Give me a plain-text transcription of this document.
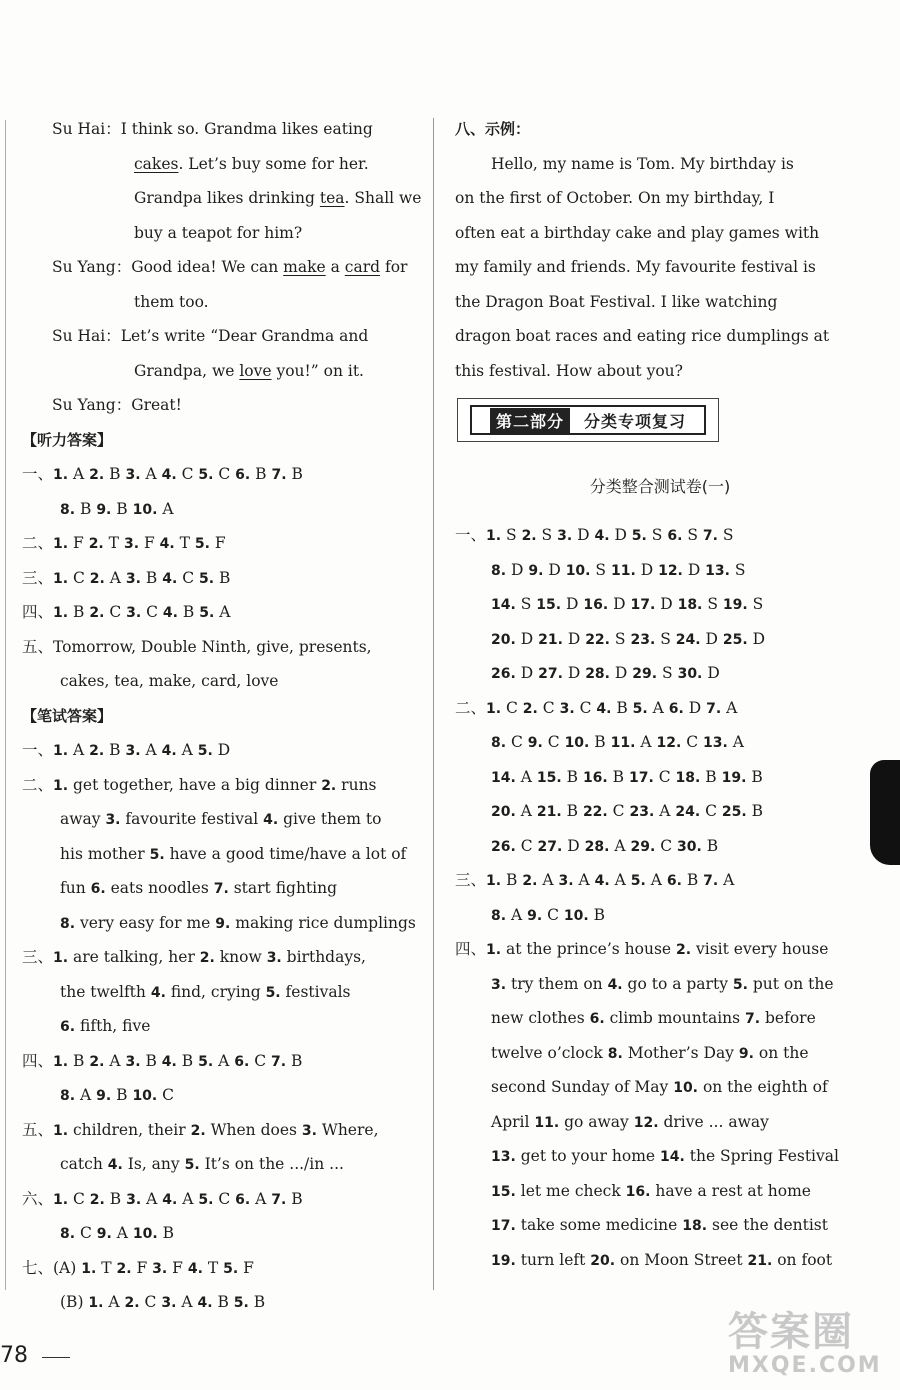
Su Hai：I think so. Grandma likes eating
cakes. Let’s buy some for her.
Grandpa likes drinking tea. Shall we
buy a teapot for him?
Su Yang：Good idea! We can make a card for
them too.
Su Hai：Let’s write “Dear Grandma and
Grandpa, we love you!” on it.
Su Yang：Great!
【听力答案】
一、1. A 2. B 3. A 4. C 5. C 6. B 7. B
8. B 9. B 10. A
二、1. F 2. T 3. F 4. T 5. F
三、1. C 2. A 3. B 4. C 5. B
四、1. B 2. C 3. C 4. B 5. A
五、Tomorrow, Double Ninth, give, presents,
cakes, tea, make, card, love
【笔试答案】
一、1. A 2. B 3. A 4. A 5. D
二、1. get together, have a big dinner 2. runs
away 3. favourite festival 4. give them to
his mother 5. have a good time/have a lot of
fun 6. eats noodles 7. start fighting
8. very easy for me 9. making rice dumplings
三、1. are talking, her 2. know 3. birthdays,
the twelfth 4. find, crying 5. festivals
6. fifth, five
四、1. B 2. A 3. B 4. B 5. A 6. C 7. B
8. A 9. B 10. C
五、1. children, their 2. When does 3. Where,
catch 4. Is, any 5. It’s on the .../in ...
六、1. C 2. B 3. A 4. A 5. C 6. A 7. B
8. C 9. A 10. B
七、(A) 1. T 2. F 3. F 4. T 5. F
(B) 1. A 2. C 3. A 4. B 5. B
八、示例：
Hello, my name is Tom. My birthday is
on the first of October. On my birthday, I
often eat a birthday cake and play games with
my family and friends. My favourite festival is
the Dragon Boat Festival. I like watching
dragon boat races and eating rice dumplings at
this festival. How about you?
第二部分	分类专项复习
分类整合测试卷(一)
一、1. S 2. S 3. D 4. D 5. S 6. S 7. S
8. D 9. D 10. S 11. D 12. D 13. S
14. S 15. D 16. D 17. D 18. S 19. S
20. D 21. D 22. S 23. S 24. D 25. D
26. D 27. D 28. D 29. S 30. D
二、1. C 2. C 3. C 4. B 5. A 6. D 7. A
8. C 9. C 10. B 11. A 12. C 13. A
14. A 15. B 16. B 17. C 18. B 19. B
20. A 21. B 22. C 23. A 24. C 25. B
26. C 27. D 28. A 29. C 30. B
三、1. B 2. A 3. A 4. A 5. A 6. B 7. A
8. A 9. C 10. B
四、1. at the prince’s house 2. visit every house
3. try them on 4. go to a party 5. put on the
new clothes 6. climb mountains 7. before
twelve o’clock 8. Mother’s Day 9. on the
second Sunday of May 10. on the eighth of
April 11. go away 12. drive ... away
13. get to your home 14. the Spring Festival
15. let me check 16. have a rest at home
17. take some medicine 18. see the dentist
19. turn left 20. on Moon Street 21. on foot
78
答案圈
MXQE.COM
